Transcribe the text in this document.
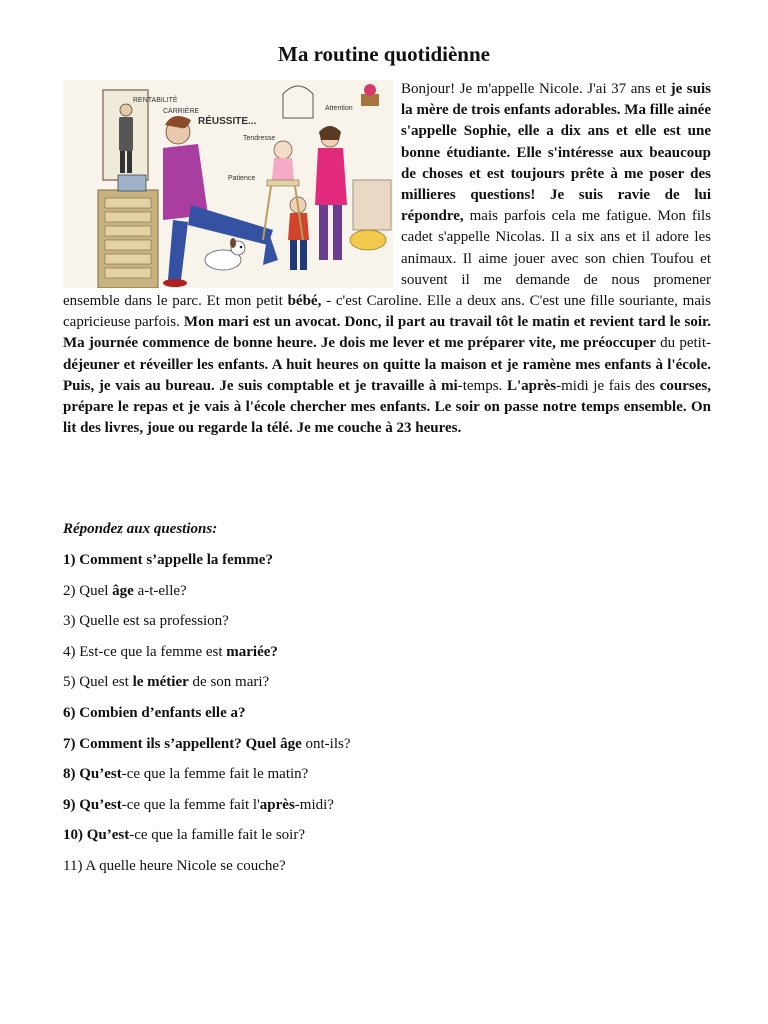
Ma routine quotidiènne
RENTABILITÉ
CARRIÈRE
RÉUSSITE...
Tendresse
Patience
Attention

Bonjour! Je m'appelle Nicole. J'ai 37 ans et je suis la mère de trois enfants adorables. Ma fille ainée s'appelle Sophie, elle a dix ans et elle est une bonne étudiante. Elle s'intéresse aux beaucoup de choses et est toujours prête à me poser des millieres questions! Je suis ravie de lui répondre, mais parfois cela me fatigue. Mon fils cadet s'appelle Nicolas. Il a six ans et il adore les animaux. Il aime jouer avec son chien Toufou et souvent il me demande de nous promener ensemble dans le parc. Et mon petit bébé, - c'est Caroline. Elle a deux ans. C'est une fille souriante, mais capricieuse parfois. Mon mari est un avocat. Donc, il part au travail tôt le matin et revient tard le soir. Ma journée commence de bonne heure. Je dois me lever et me préparer vite, me préoccuper du petit-déjeuner et réveiller les enfants. A huit heures on quitte la maison et je ramène mes enfants à l'école. Puis, je vais au bureau. Je suis comptable et je travaille à mi-temps. L'après-midi je fais des courses, prépare le repas et je vais à l'école chercher mes enfants. Le soir on passe notre temps ensemble. On lit des livres, joue ou regarde la télé. Je me couche à 23 heures.

Répondez aux questions:

1) Comment s’appelle la femme?

2) Quel âge a-t-elle?

3) Quelle est sa profession?

4) Est-ce que la femme est mariée?

5) Quel est le métier de son mari?

6) Combien d’enfants elle a?

7) Comment ils s’appellent? Quel âge ont-ils?

8) Qu’est-ce que la femme fait le matin?

9) Qu’est-ce que la femme fait l'après-midi?

10) Qu’est-ce que la famille fait le soir?

11) A quelle heure Nicole se couche?
